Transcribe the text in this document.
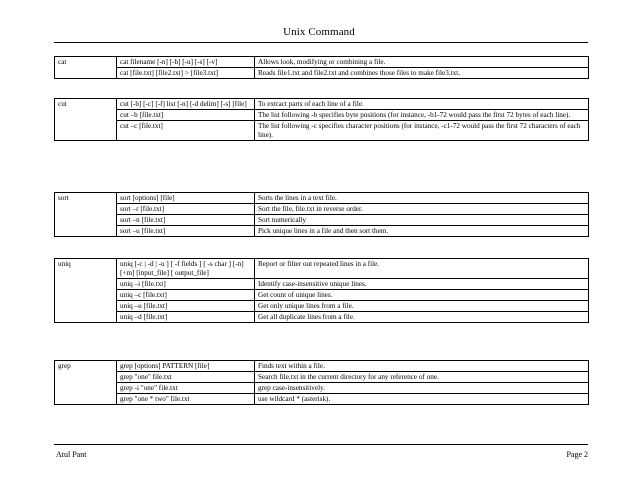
Unix Command
cat	cat filename [-n] [-b] [-u] [-s] [-v]	Allows look, modifying or combining a file.
	cat [file.txt] [file2.txt] > [file3.txt]	Reads file1.txt and file2.txt and combines those files to make file3.txt.
cut	cut [-b] [-c] [-f] list [-n] [-d delim] [-s] [file]	To extract parts of each line of a file.
	cut –b [file.txt]	The list following -b specifies byte positions (for instance, -b1-72 would pass the first 72 bytes of each line).
	cut –c [file.txt]	The list following -c specifies character positions (for instance, -c1-72 would pass the first 72 characters of each line).
sort	sort [options] [file]	Sorts the lines in a text file.
	sort –r [file.txt]	Sort the file, file.txt in reverse order.
	sort –n [file.txt]	Sort numerically
	sort –u [file.txt]	Pick unique lines in a file and then sort them.
uniq	uniq [-c | -d | -u ] [ -f fields ] [ -s char ] [-n] [+m] [input_file] [ output_file]	Report or filter out repeated lines in a file.
	uniq –i [file.txt]	Identify case-insensitive unique lines.
	uniq –c [file.txt]	Get count of unique lines.
	uniq –u [file.txt]	Get only unique lines from a file.
	uniq –d [file.txt]	Get all duplicate lines from a file.
grep	grep [options] PATTERN [file]	Finds text within a file.
	grep "one" file.txt	Search file.txt in the current directory for any reference of one.
	grep -i "one" file.txt	grep case-insensitively.
	grep "one * two" file.txt	use wildcard * (asterisk).
Atul Pant	Page 2
